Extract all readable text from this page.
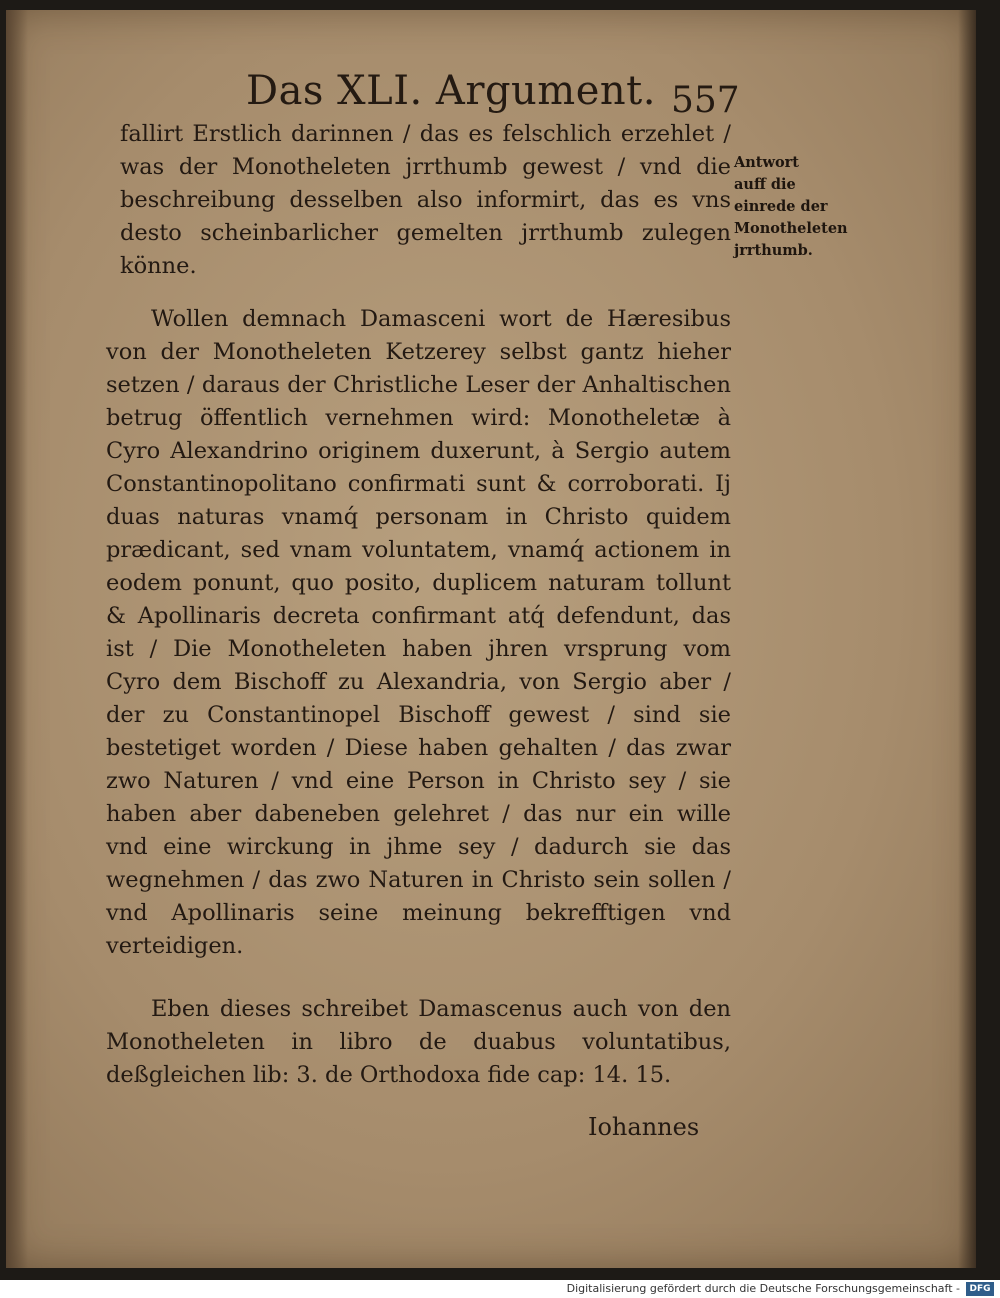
Das XLI. Argument. 557

fallirt Erstlich darinnen / das es felschlich erzehlet / was der Monotheleten jrrthumb gewest / vnd die beschreibung desselben also informirt, das es vns desto scheinbarlicher gemelten jrrthumb zulegen könne.

Wollen demnach Damasceni wort de Hæresibus von der Monotheleten Ketzerey selbst gantz hieher setzen / daraus der Christliche Leser der Anhaltischen betrug öffentlich vernehmen wird: Monotheletæ à Cyro Alexandrino originem duxerunt, à Sergio autem Constantinopolitano confirmati sunt & corroborati. Ij duas naturas vnamq́ personam in Christo quidem prædicant, sed vnam voluntatem, vnamq́ actionem in eodem ponunt, quo posito, duplicem naturam tollunt & Apollinaris decreta confirmant atq́ defendunt, das ist / Die Monotheleten haben jhren vrsprung vom Cyro dem Bischoff zu Alexandria, von Sergio aber / der zu Constantinopel Bischoff gewest / sind sie bestetiget worden / Diese haben gehalten / das zwar zwo Naturen / vnd eine Person in Christo sey / sie haben aber dabeneben gelehret / das nur ein wille vnd eine wirckung in jhme sey / dadurch sie das wegnehmen / das zwo Naturen in Christo sein sollen / vnd Apollinaris seine meinung bekrefftigen vnd verteidigen.

Eben dieses schreibet Damascenus auch von den Monotheleten in libro de duabus voluntatibus, deßgleichen lib: 3. de Orthodoxa fide cap: 14. 15.

Antwort auff die einrede der Monotheleten jrrthumb.
Iohannes
Digitalisierung gefördert durch die Deutsche Forschungsgemeinschaft -	DFG
